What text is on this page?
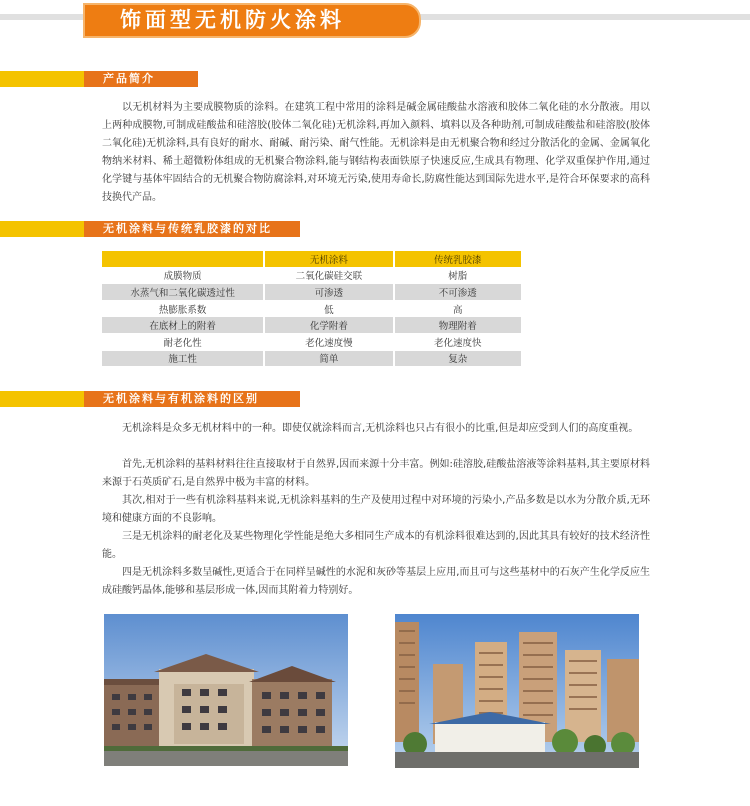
饰面型无机防火涂料
产品简介
以无机材料为主要成膜物质的涂料。在建筑工程中常用的涂料是碱金属硅酸盐水溶液和胶体二氧化硅的水分散液。用以上两种成膜物,可制成硅酸盐和硅溶胶(胶体二氧化硅)无机涂料,再加入颜料、填料以及各种助剂,可制成硅酸盐和硅溶胶(胶体二氧化硅)无机涂料,具有良好的耐水、耐碱、耐污染、耐气性能。无机涂料是由无机聚合物和经过分散活化的金属、金属氧化物纳米材料、稀土超微粉体组成的无机聚合物涂料,能与钢结构表面铁原子快速反应,生成具有物理、化学双重保护作用,通过化学键与基体牢固结合的无机聚合物防腐涂料,对环境无污染,使用寿命长,防腐性能达到国际先进水平,是符合环保要求的高科技换代产品。
无机涂料与传统乳胶漆的对比
	无机涂料	传统乳胶漆
成膜物质	二氧化碳硅交联	树脂
水蒸气和二氧化碳透过性	可渗透	不可渗透
热膨胀系数	低	高
在底材上的附着	化学附着	物理附着
耐老化性	老化速度慢	老化速度快
施工性	简单	复杂
无机涂料与有机涂料的区别
无机涂料是众多无机材料中的一种。即使仅就涂料而言,无机涂料也只占有很小的比重,但是却应受到人们的高度重视。
首先,无机涂料的基料材料往往直接取材于自然界,因而来源十分丰富。例如:硅溶胶,硅酸盐溶液等涂料基料,其主要原材料来源于石英质矿石,是自然界中极为丰富的材料。
其次,相对于一些有机涂料基料来说,无机涂料基料的生产及使用过程中对环境的污染小,产品多数是以水为分散介质,无环境和健康方面的不良影响。
三是无机涂料的耐老化及某些物理化学性能是绝大多相同生产成本的有机涂料很难达到的,因此其具有较好的技术经济性能。
四是无机涂料多数呈碱性,更适合于在同样呈碱性的水泥和灰砂等基层上应用,而且可与这些基材中的石灰产生化学反应生成硅酸钙晶体,能够和基层形成一体,因而其附着力特别好。
